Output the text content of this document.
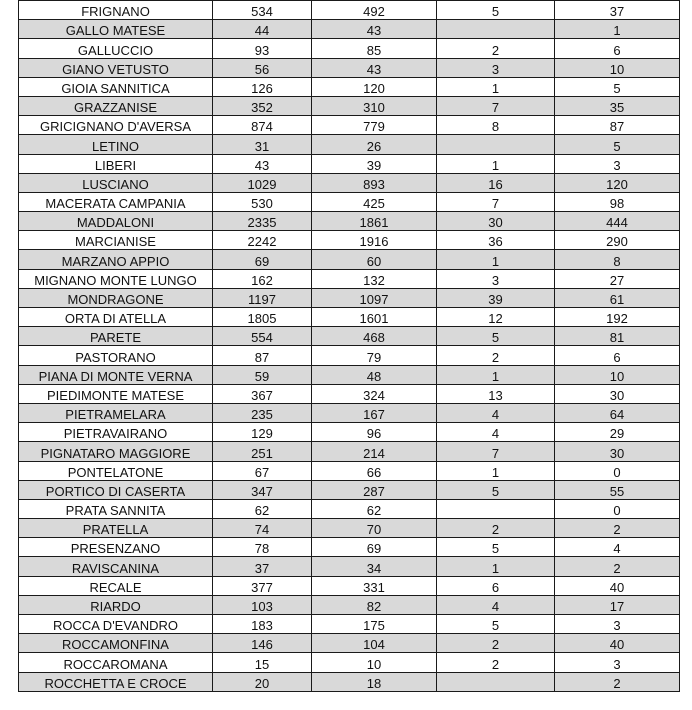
FRIGNANO	534	492	5	37
GALLO MATESE	44	43		1
GALLUCCIO	93	85	2	6
GIANO VETUSTO	56	43	3	10
GIOIA SANNITICA	126	120	1	5
GRAZZANISE	352	310	7	35
GRICIGNANO D'AVERSA	874	779	8	87
LETINO	31	26		5
LIBERI	43	39	1	3
LUSCIANO	1029	893	16	120
MACERATA CAMPANIA	530	425	7	98
MADDALONI	2335	1861	30	444
MARCIANISE	2242	1916	36	290
MARZANO APPIO	69	60	1	8
MIGNANO MONTE LUNGO	162	132	3	27
MONDRAGONE	1197	1097	39	61
ORTA DI ATELLA	1805	1601	12	192
PARETE	554	468	5	81
PASTORANO	87	79	2	6
PIANA DI MONTE VERNA	59	48	1	10
PIEDIMONTE MATESE	367	324	13	30
PIETRAMELARA	235	167	4	64
PIETRAVAIRANO	129	96	4	29
PIGNATARO MAGGIORE	251	214	7	30
PONTELATONE	67	66	1	0
PORTICO DI CASERTA	347	287	5	55
PRATA SANNITA	62	62		0
PRATELLA	74	70	2	2
PRESENZANO	78	69	5	4
RAVISCANINA	37	34	1	2
RECALE	377	331	6	40
RIARDO	103	82	4	17
ROCCA D'EVANDRO	183	175	5	3
ROCCAMONFINA	146	104	2	40
ROCCAROMANA	15	10	2	3
ROCCHETTA E CROCE	20	18		2
